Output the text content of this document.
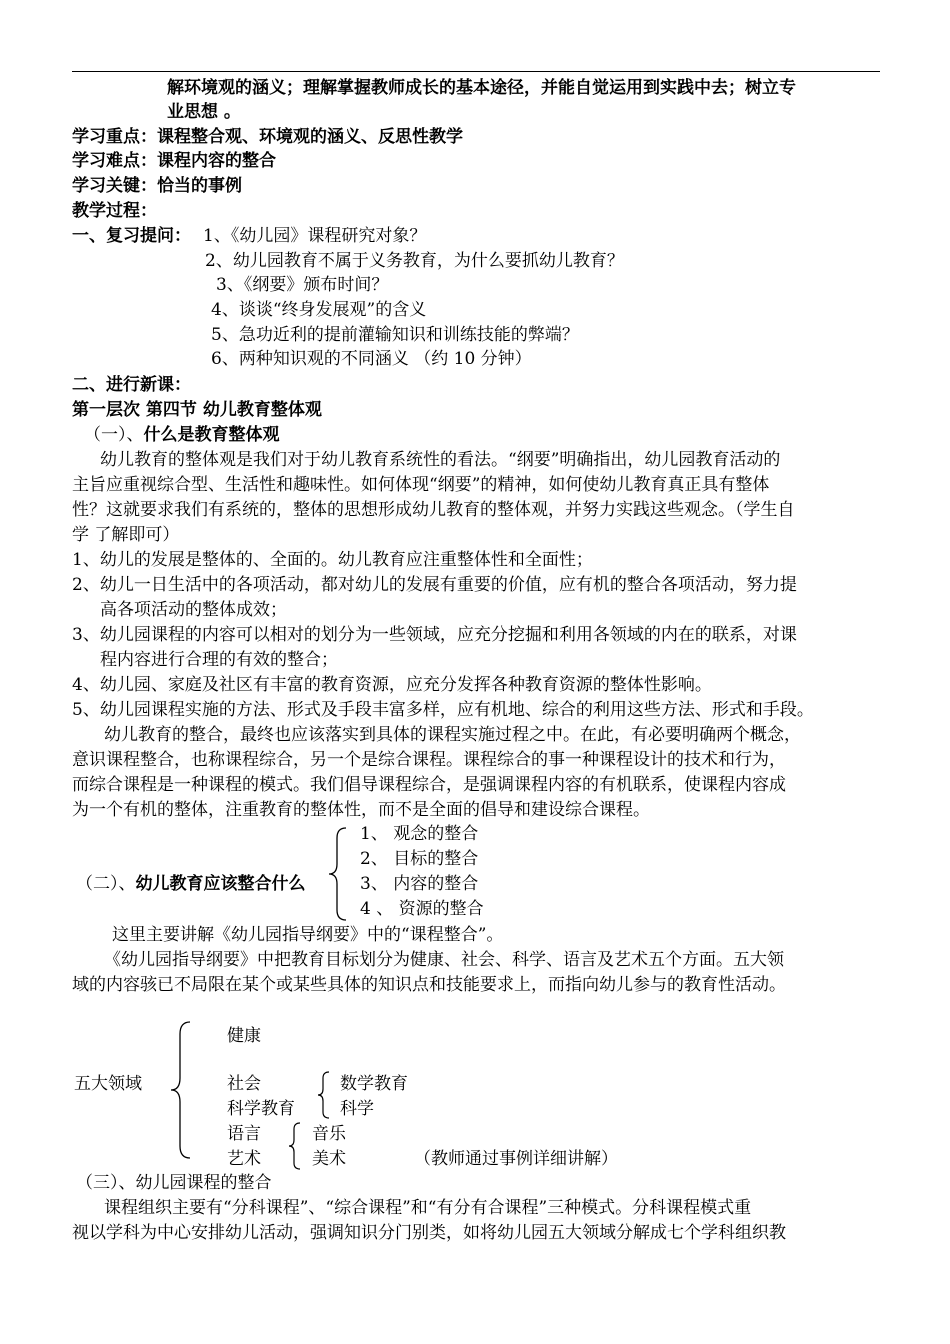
解环境观的涵义；理解掌握教师成长的基本途径，并能自觉运用到实践中去；树立专
业思想 。
学习重点：课程整合观、环境观的涵义、反思性教学
学习难点：课程内容的整合
学习关键：恰当的事例
教学过程：
一、复习提问： 1、《幼儿园》课程研究对象？
2、幼儿园教育不属于义务教育，为什么要抓幼儿教育？
3、《纲要》颁布时间？
4、谈谈“终身发展观”的含义
5、急功近利的提前灌输知识和训练技能的弊端？
6、两种知识观的不同涵义 （约 10 分钟）
二、进行新课：
第一层次 第四节 幼儿教育整体观
（一）、什么是教育整体观
幼儿教育的整体观是我们对于幼儿教育系统性的看法。“纲要”明确指出，幼儿园教育活动的
主旨应重视综合型、生活性和趣味性。如何体现“纲要”的精神，如何使幼儿教育真正具有整体
性？这就要求我们有系统的，整体的思想形成幼儿教育的整体观，并努力实践这些观念。（学生自
学 了解即可）
1、幼儿的发展是整体的、全面的。幼儿教育应注重整体性和全面性；
2、幼儿一日生活中的各项活动，都对幼儿的发展有重要的价值，应有机的整合各项活动，努力提
高各项活动的整体成效；
3、幼儿园课程的内容可以相对的划分为一些领域，应充分挖掘和利用各领域的内在的联系，对课
程内容进行合理的有效的整合；
4、幼儿园、家庭及社区有丰富的教育资源，应充分发挥各种教育资源的整体性影响。
5、幼儿园课程实施的方法、形式及手段丰富多样，应有机地、综合的利用这些方法、形式和手段。
幼儿教育的整合，最终也应该落实到具体的课程实施过程之中。在此，有必要明确两个概念，
意识课程整合，也称课程综合，另一个是综合课程。课程综合的事一种课程设计的技术和行为，
而综合课程是一种课程的模式。我们倡导课程综合，是强调课程内容的有机联系，使课程内容成
为一个有机的整体，注重教育的整体性，而不是全面的倡导和建设综合课程。
（二）、幼儿教育应该整合什么
1、 观念的整合
2、 目标的整合
3、 内容的整合
4 、 资源的整合
这里主要讲解《幼儿园指导纲要》中的“课程整合”。
《幼儿园指导纲要》中把教育目标划分为健康、社会、科学、语言及艺术五个方面。五大领
域的内容骇已不局限在某个或某些具体的知识点和技能要求上，而指向幼儿参与的教育性活动。
五大领域
健康
社会
科学教育
语言
艺术
数学教育
科学
音乐
美术	（教师通过事例详细讲解）
（三）、幼儿园课程的整合
课程组织主要有“分科课程”、“综合课程”和“有分有合课程”三种模式。分科课程模式重
视以学科为中心安排幼儿活动，强调知识分门别类，如将幼儿园五大领域分解成七个学科组织教
